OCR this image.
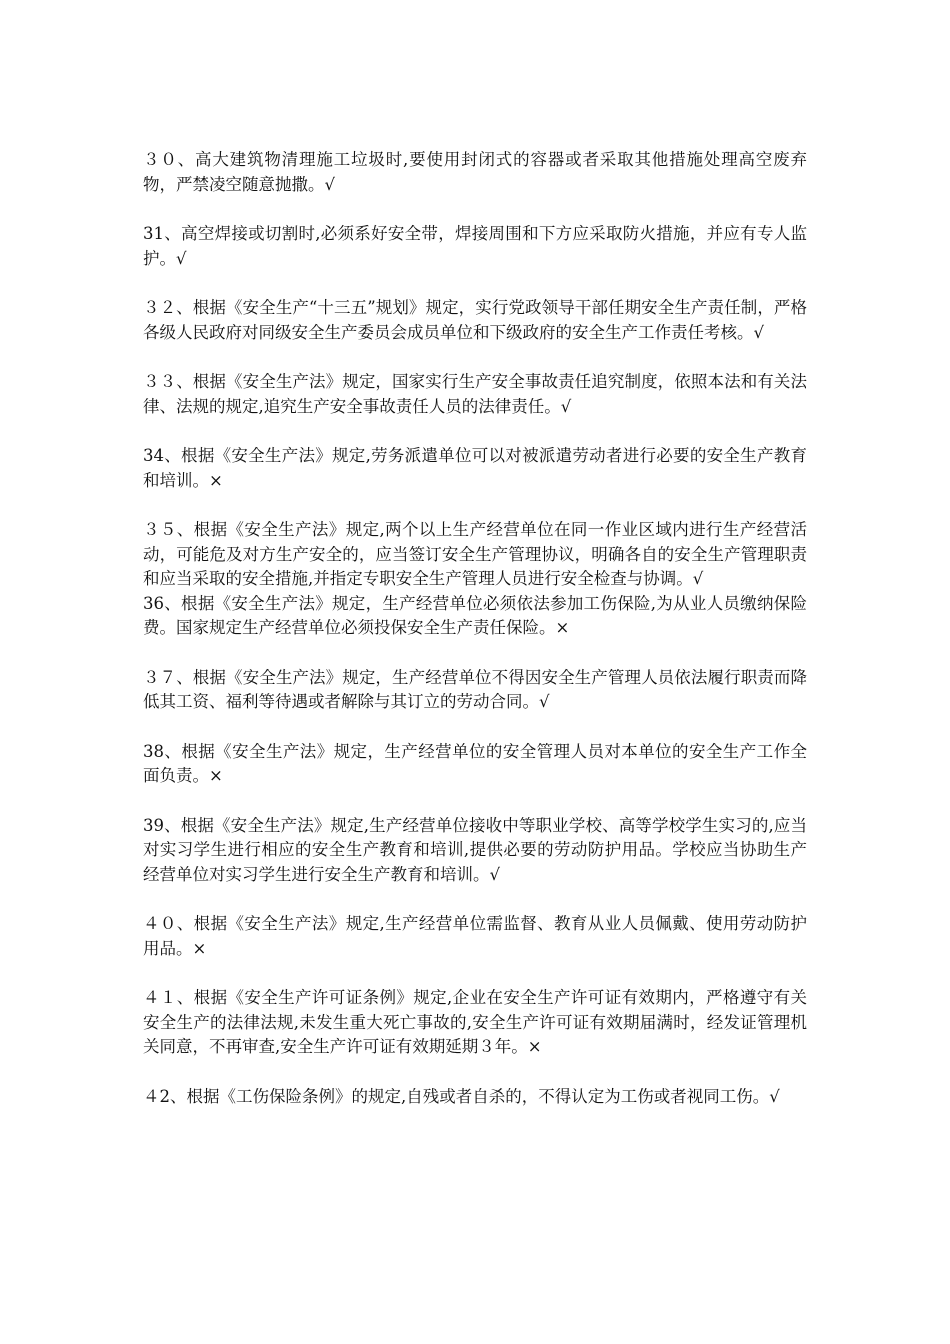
３０、高大建筑物清理施工垃圾时,要使用封闭式的容器或者采取其他措施处理高空废弃物，严禁凌空随意抛撒。√

31、高空焊接或切割时,必须系好安全带，焊接周围和下方应采取防火措施，并应有专人监护。√

３２、根据《安全生产“十三五”规划》规定，实行党政领导干部任期安全生产责任制，严格各级人民政府对同级安全生产委员会成员单位和下级政府的安全生产工作责任考核。√

３３、根据《安全生产法》规定，国家实行生产安全事故责任追究制度，依照本法和有关法律、法规的规定,追究生产安全事故责任人员的法律责任。√

34、根据《安全生产法》规定,劳务派遣单位可以对被派遣劳动者进行必要的安全生产教育和培训。×

３５、根据《安全生产法》规定,两个以上生产经营单位在同一作业区域内进行生产经营活动，可能危及对方生产安全的，应当签订安全生产管理协议，明确各自的安全生产管理职责和应当采取的安全措施,并指定专职安全生产管理人员进行安全检查与协调。√

36、根据《安全生产法》规定，生产经营单位必须依法参加工伤保险,为从业人员缴纳保险费。国家规定生产经营单位必须投保安全生产责任保险。×

３７、根据《安全生产法》规定，生产经营单位不得因安全生产管理人员依法履行职责而降低其工资、福利等待遇或者解除与其订立的劳动合同。√

38、根据《安全生产法》规定，生产经营单位的安全管理人员对本单位的安全生产工作全面负责。×

39、根据《安全生产法》规定,生产经营单位接收中等职业学校、高等学校学生实习的,应当对实习学生进行相应的安全生产教育和培训,提供必要的劳动防护用品。学校应当协助生产经营单位对实习学生进行安全生产教育和培训。√

４０、根据《安全生产法》规定,生产经营单位需监督、教育从业人员佩戴、使用劳动防护用品。×

４１、根据《安全生产许可证条例》规定,企业在安全生产许可证有效期内，严格遵守有关安全生产的法律法规,未发生重大死亡事故的,安全生产许可证有效期届满时，经发证管理机关同意，不再审查,安全生产许可证有效期延期３年。×

４2、根据《工伤保险条例》的规定,自残或者自杀的，不得认定为工伤或者视同工伤。√
